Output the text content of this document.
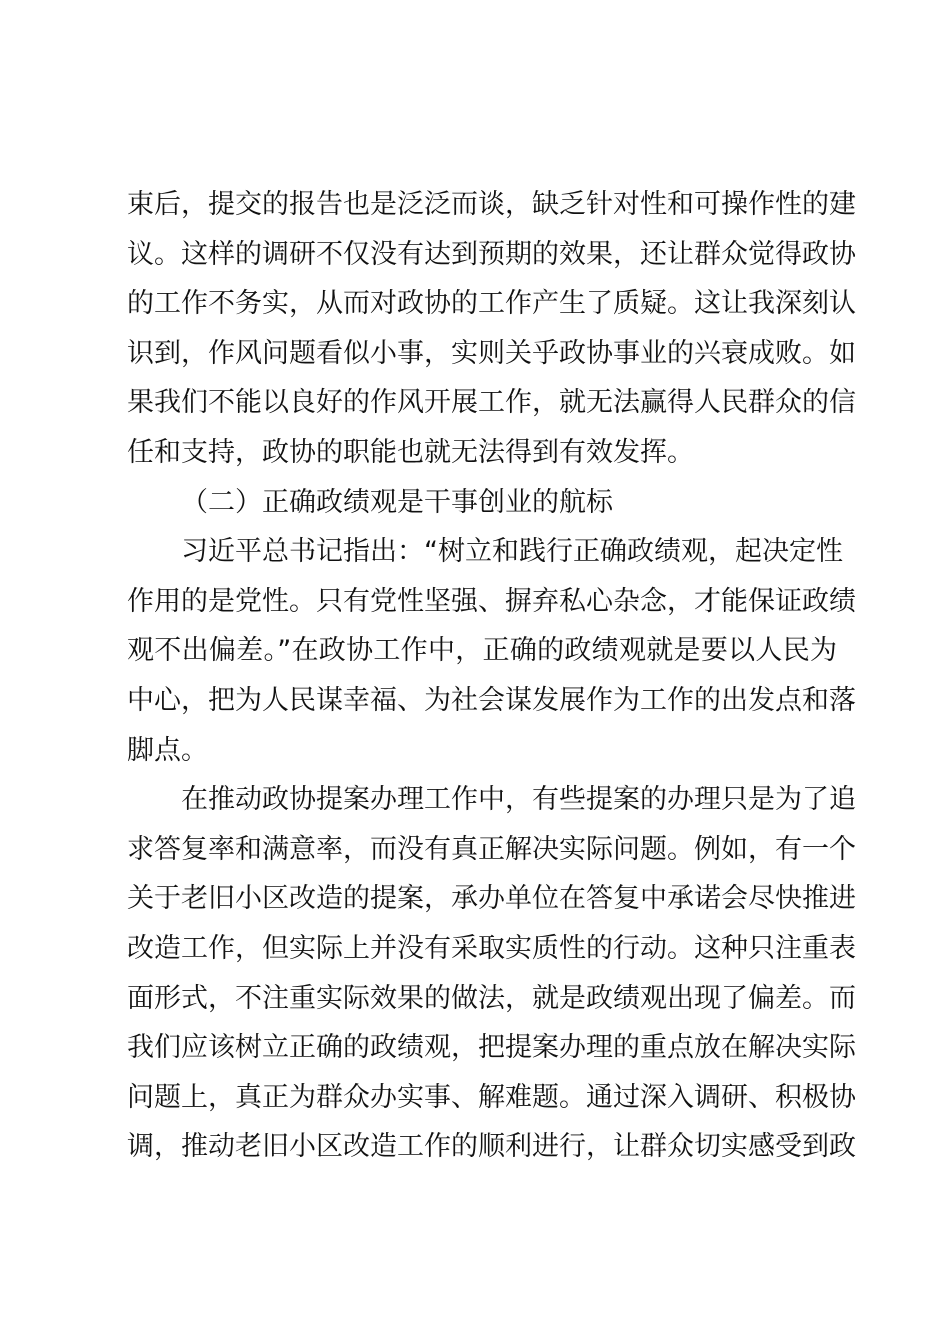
束后，提交的报告也是泛泛而谈，缺乏针对性和可操作性的建
议。这样的调研不仅没有达到预期的效果，还让群众觉得政协
的工作不务实，从而对政协的工作产生了质疑。这让我深刻认
识到，作风问题看似小事，实则关乎政协事业的兴衰成败。如
果我们不能以良好的作风开展工作，就无法赢得人民群众的信
任和支持，政协的职能也就无法得到有效发挥。
（二）正确政绩观是干事创业的航标
习近平总书记指出：“树立和践行正确政绩观，起决定性
作用的是党性。只有党性坚强、摒弃私心杂念，才能保证政绩
观不出偏差。”在政协工作中，正确的政绩观就是要以人民为
中心，把为人民谋幸福、为社会谋发展作为工作的出发点和落
脚点。
在推动政协提案办理工作中，有些提案的办理只是为了追
求答复率和满意率，而没有真正解决实际问题。例如，有一个
关于老旧小区改造的提案，承办单位在答复中承诺会尽快推进
改造工作，但实际上并没有采取实质性的行动。这种只注重表
面形式，不注重实际效果的做法，就是政绩观出现了偏差。而
我们应该树立正确的政绩观，把提案办理的重点放在解决实际
问题上，真正为群众办实事、解难题。通过深入调研、积极协
调，推动老旧小区改造工作的顺利进行，让群众切实感受到政
